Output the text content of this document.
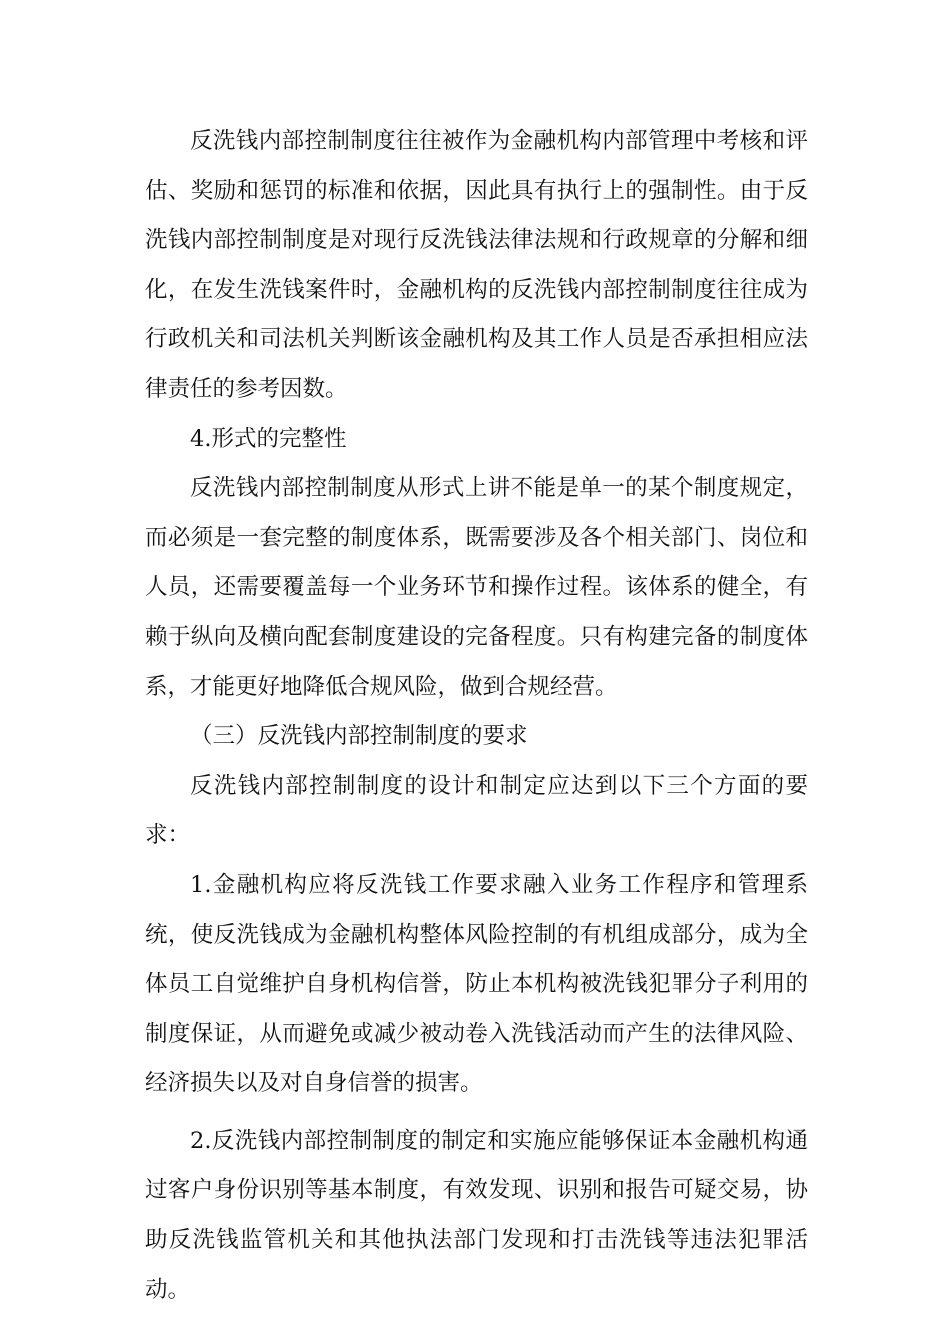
反洗钱内部控制制度往往被作为金融机构内部管理中考核和评估、奖励和惩罚的标准和依据，因此具有执行上的强制性。由于反洗钱内部控制制度是对现行反洗钱法律法规和行政规章的分解和细化，在发生洗钱案件时，金融机构的反洗钱内部控制制度往往成为行政机关和司法机关判断该金融机构及其工作人员是否承担相应法律责任的参考因数。

4.形式的完整性

反洗钱内部控制制度从形式上讲不能是单一的某个制度规定，而必须是一套完整的制度体系，既需要涉及各个相关部门、岗位和人员，还需要覆盖每一个业务环节和操作过程。该体系的健全，有赖于纵向及横向配套制度建设的完备程度。只有构建完备的制度体系，才能更好地降低合规风险，做到合规经营。

（三）反洗钱内部控制制度的要求

反洗钱内部控制制度的设计和制定应达到以下三个方面的要求：

1.金融机构应将反洗钱工作要求融入业务工作程序和管理系统，使反洗钱成为金融机构整体风险控制的有机组成部分，成为全体员工自觉维护自身机构信誉，防止本机构被洗钱犯罪分子利用的制度保证，从而避免或减少被动卷入洗钱活动而产生的法律风险、经济损失以及对自身信誉的损害。

2.反洗钱内部控制制度的制定和实施应能够保证本金融机构通过客户身份识别等基本制度，有效发现、识别和报告可疑交易，协助反洗钱监管机关和其他执法部门发现和打击洗钱等违法犯罪活动。
